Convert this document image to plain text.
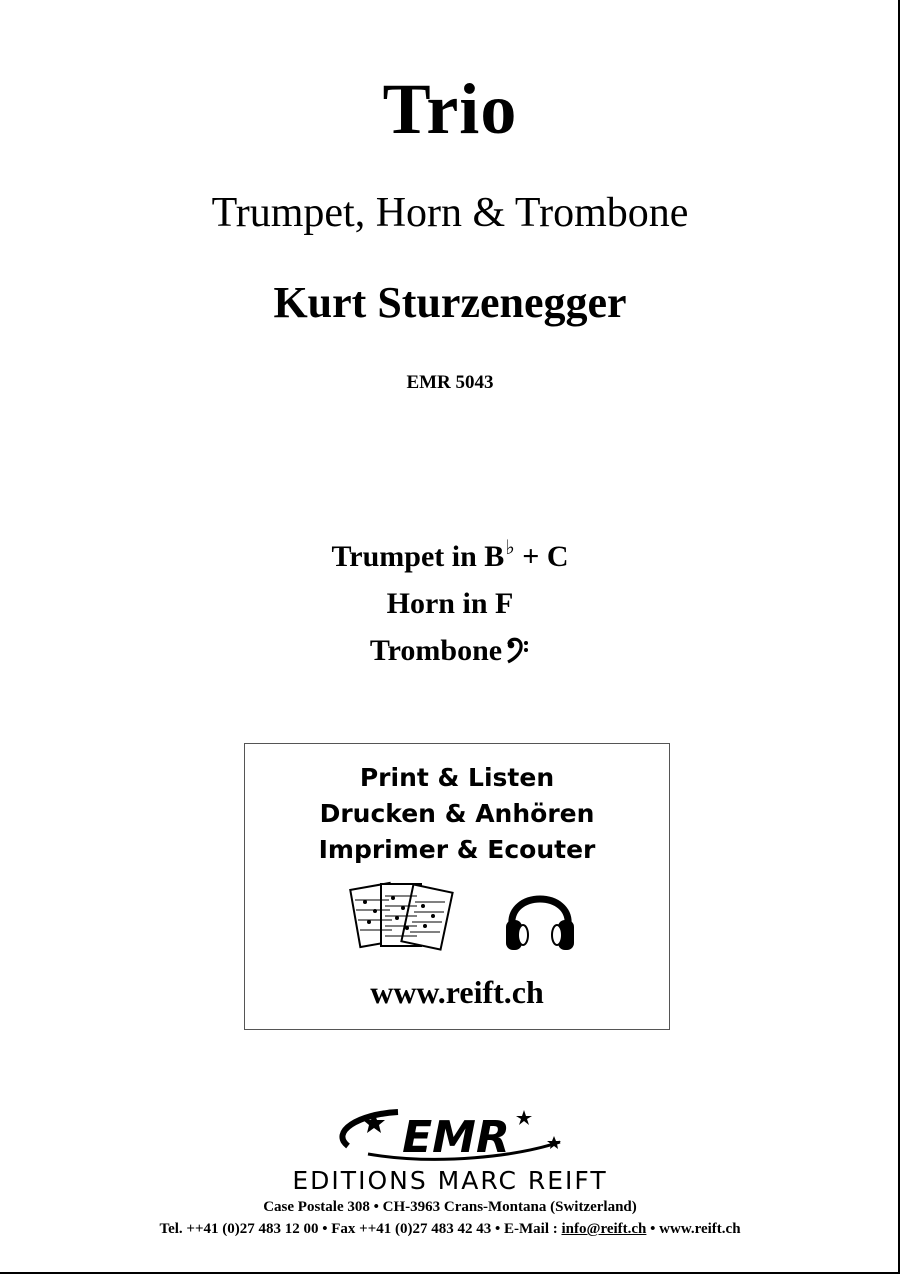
Trio
Trumpet, Horn & Trombone
Kurt Sturzenegger
EMR 5043
Trumpet in B♭ + C
Horn in F
Trombone
Print & Listen
Drucken & Anhören
Imprimer & Ecouter
www.reift.ch
EMR
EDITIONS MARC REIFT
Case Postale 308 • CH-3963 Crans-Montana (Switzerland)
Tel. ++41 (0)27 483 12 00 • Fax ++41 (0)27 483 42 43 • E-Mail : info@reift.ch • www.reift.ch
